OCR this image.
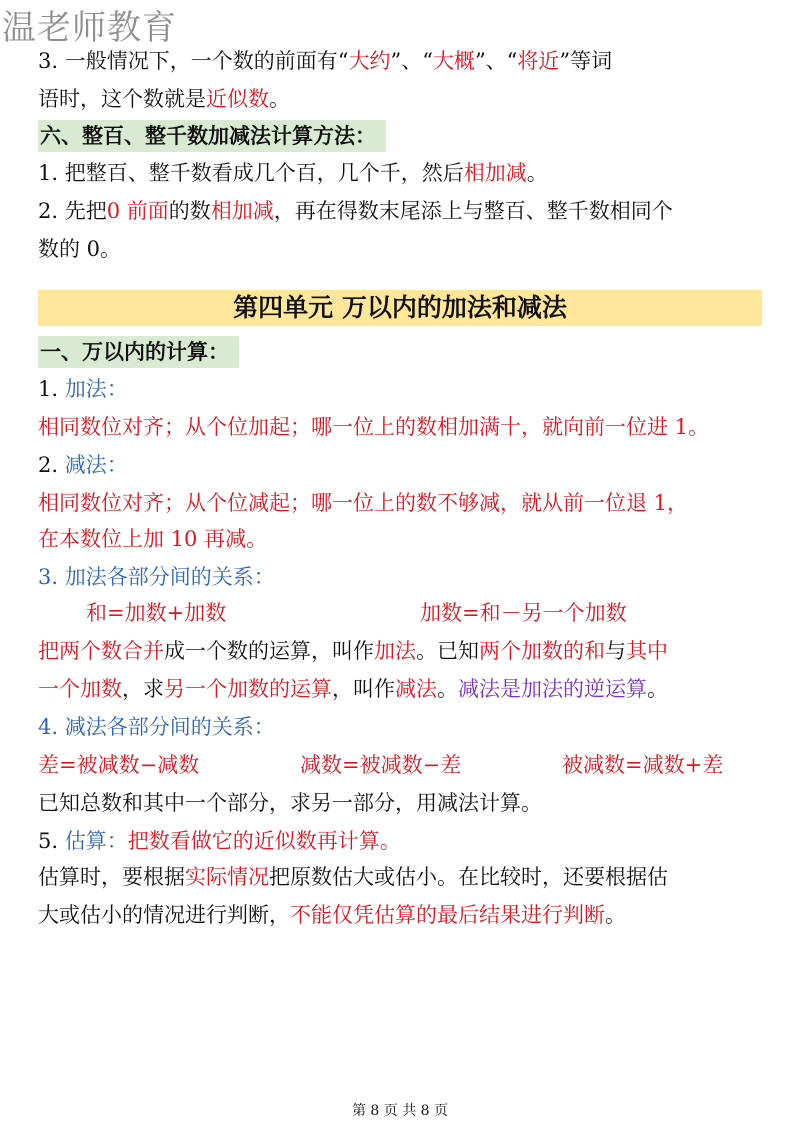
温老师教育
3. 一般情况下，一个数的前面有“大约”、“大概”、“将近”等词
语时，这个数就是近似数。
六、整百、整千数加减法计算方法：
1. 把整百、整千数看成几个百，几个千，然后相加减。
2. 先把0 前面的数相加减，再在得数末尾添上与整百、整千数相同个
数的 0。
第四单元 万以内的加法和减法
一、万以内的计算：
1. 加法：
相同数位对齐；从个位加起；哪一位上的数相加满十，就向前一位进 1。
2. 减法：
相同数位对齐；从个位减起；哪一位上的数不够减，就从前一位退 1，
在本数位上加 10 再减。
3. 加法各部分间的关系：
和=加数+加数	加数=和－另一个加数
把两个数合并成一个数的运算，叫作加法。已知两个加数的和与其中
一个加数，求另一个加数的运算，叫作减法。减法是加法的逆运算。
4. 减法各部分间的关系：
差=被减数−减数	减数=被减数−差	被减数=减数+差
已知总数和其中一个部分，求另一部分，用减法计算。
5. 估算：把数看做它的近似数再计算。
估算时，要根据实际情况把原数估大或估小。在比较时，还要根据估
大或估小的情况进行判断，不能仅凭估算的最后结果进行判断。
第 8 页 共 8 页
